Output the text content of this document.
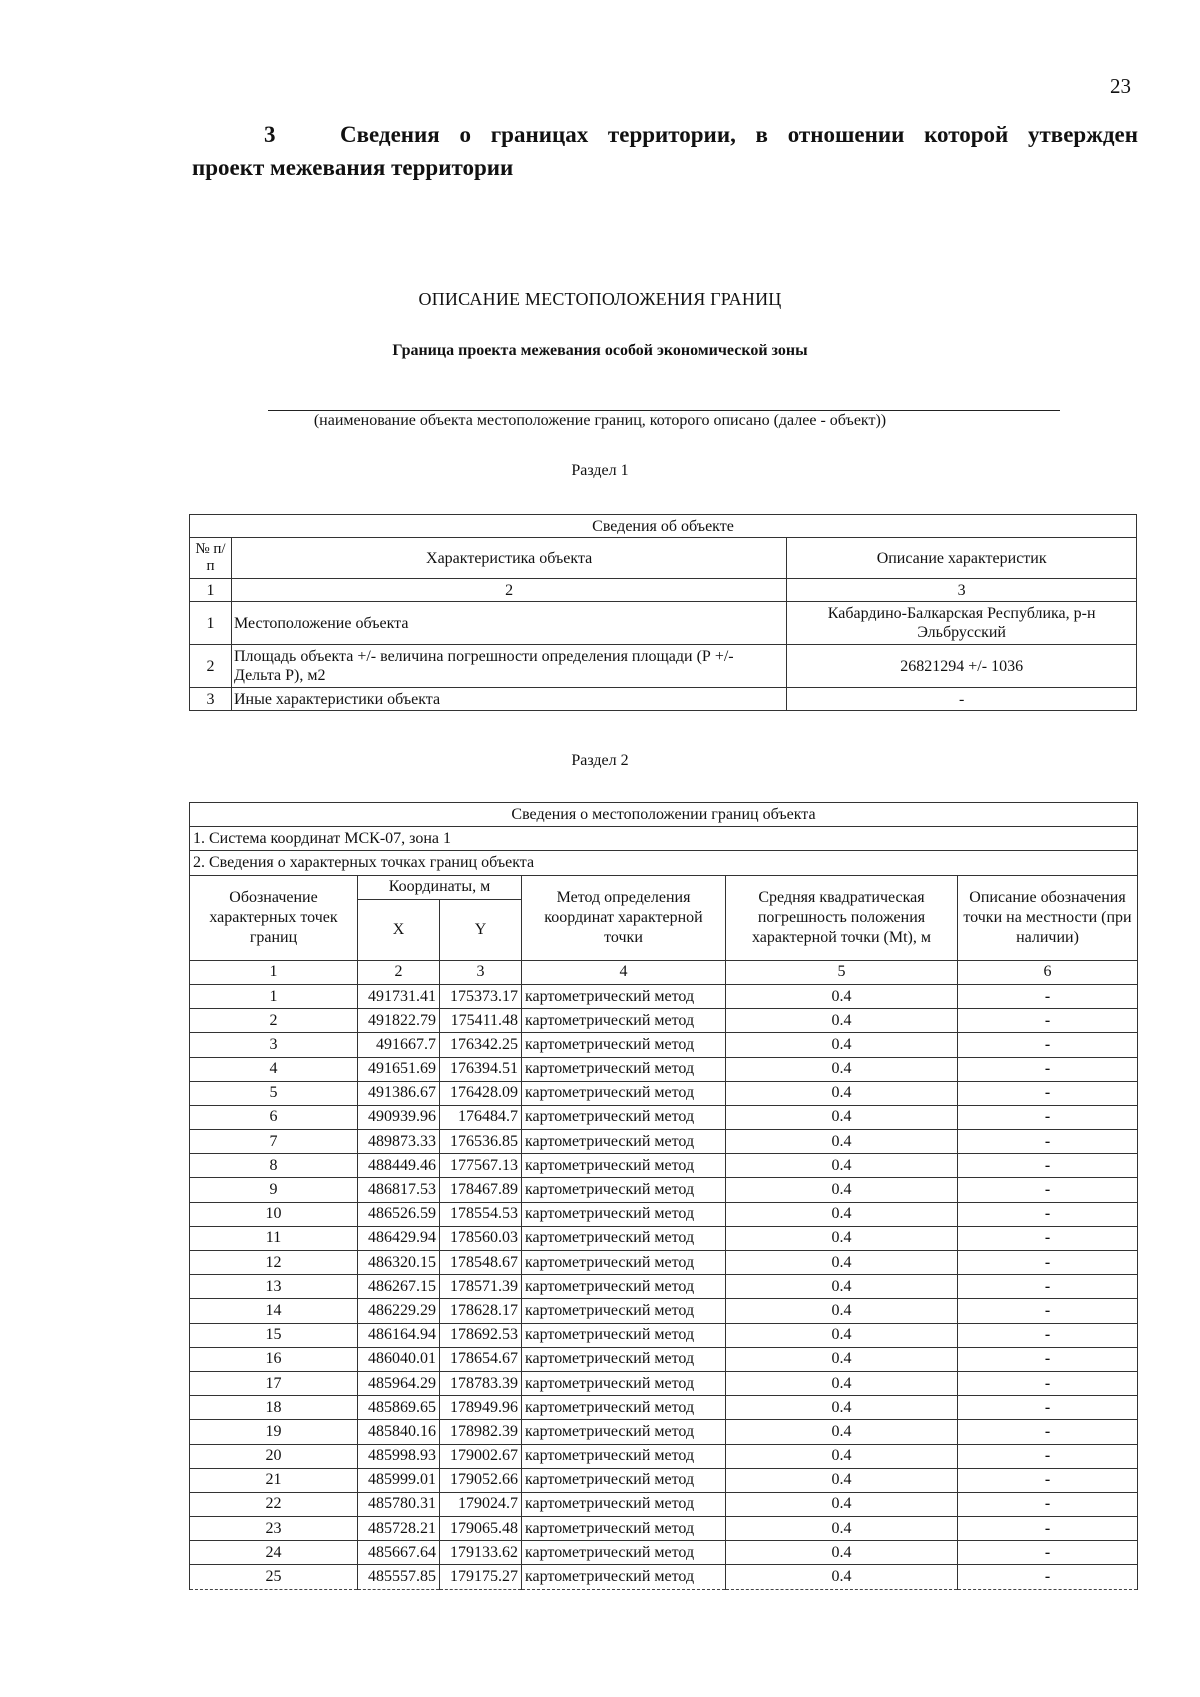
23
3	Сведения о границах территории, в отношении которой утвержден
проект межевания территории
ОПИСАНИЕ МЕСТОПОЛОЖЕНИЯ ГРАНИЦ
Граница проекта межевания особой экономической зоны
(наименование объекта местоположение границ, которого описано (далее - объект))
Раздел 1
Сведения об объекте		
№ п/п	Характеристика объекта	Описание характеристик
1	2	3
1	Местоположение объекта	Кабардино-Балкарская Республика, р-н Эльбрусский
2	Площадь объекта +/- величина погрешности определения площади (Р +/- Дельта Р), м2	26821294 +/- 1036
3	Иные характеристики объекта	-
Раздел 2
Сведения о местоположении границ объекта					
1. Система координат МСК-07, зона 1					
2. Сведения о характерных точках границ объекта					
Обозначение характерных точек границ	Координаты, м		Метод определения координат характерной точки	Средняя квадратическая погрешность положения характерной точки (Mt), м	Описание обозначения точки на местности (при наличии)
	X	Y			
1	2	3	4	5	6
1	491731.41	175373.17	картометрический метод	0.4	-
2	491822.79	175411.48	картометрический метод	0.4	-
3	491667.7	176342.25	картометрический метод	0.4	-
4	491651.69	176394.51	картометрический метод	0.4	-
5	491386.67	176428.09	картометрический метод	0.4	-
6	490939.96	176484.7	картометрический метод	0.4	-
7	489873.33	176536.85	картометрический метод	0.4	-
8	488449.46	177567.13	картометрический метод	0.4	-
9	486817.53	178467.89	картометрический метод	0.4	-
10	486526.59	178554.53	картометрический метод	0.4	-
11	486429.94	178560.03	картометрический метод	0.4	-
12	486320.15	178548.67	картометрический метод	0.4	-
13	486267.15	178571.39	картометрический метод	0.4	-
14	486229.29	178628.17	картометрический метод	0.4	-
15	486164.94	178692.53	картометрический метод	0.4	-
16	486040.01	178654.67	картометрический метод	0.4	-
17	485964.29	178783.39	картометрический метод	0.4	-
18	485869.65	178949.96	картометрический метод	0.4	-
19	485840.16	178982.39	картометрический метод	0.4	-
20	485998.93	179002.67	картометрический метод	0.4	-
21	485999.01	179052.66	картометрический метод	0.4	-
22	485780.31	179024.7	картометрический метод	0.4	-
23	485728.21	179065.48	картометрический метод	0.4	-
24	485667.64	179133.62	картометрический метод	0.4	-
25	485557.85	179175.27	картометрический метод	0.4	-
